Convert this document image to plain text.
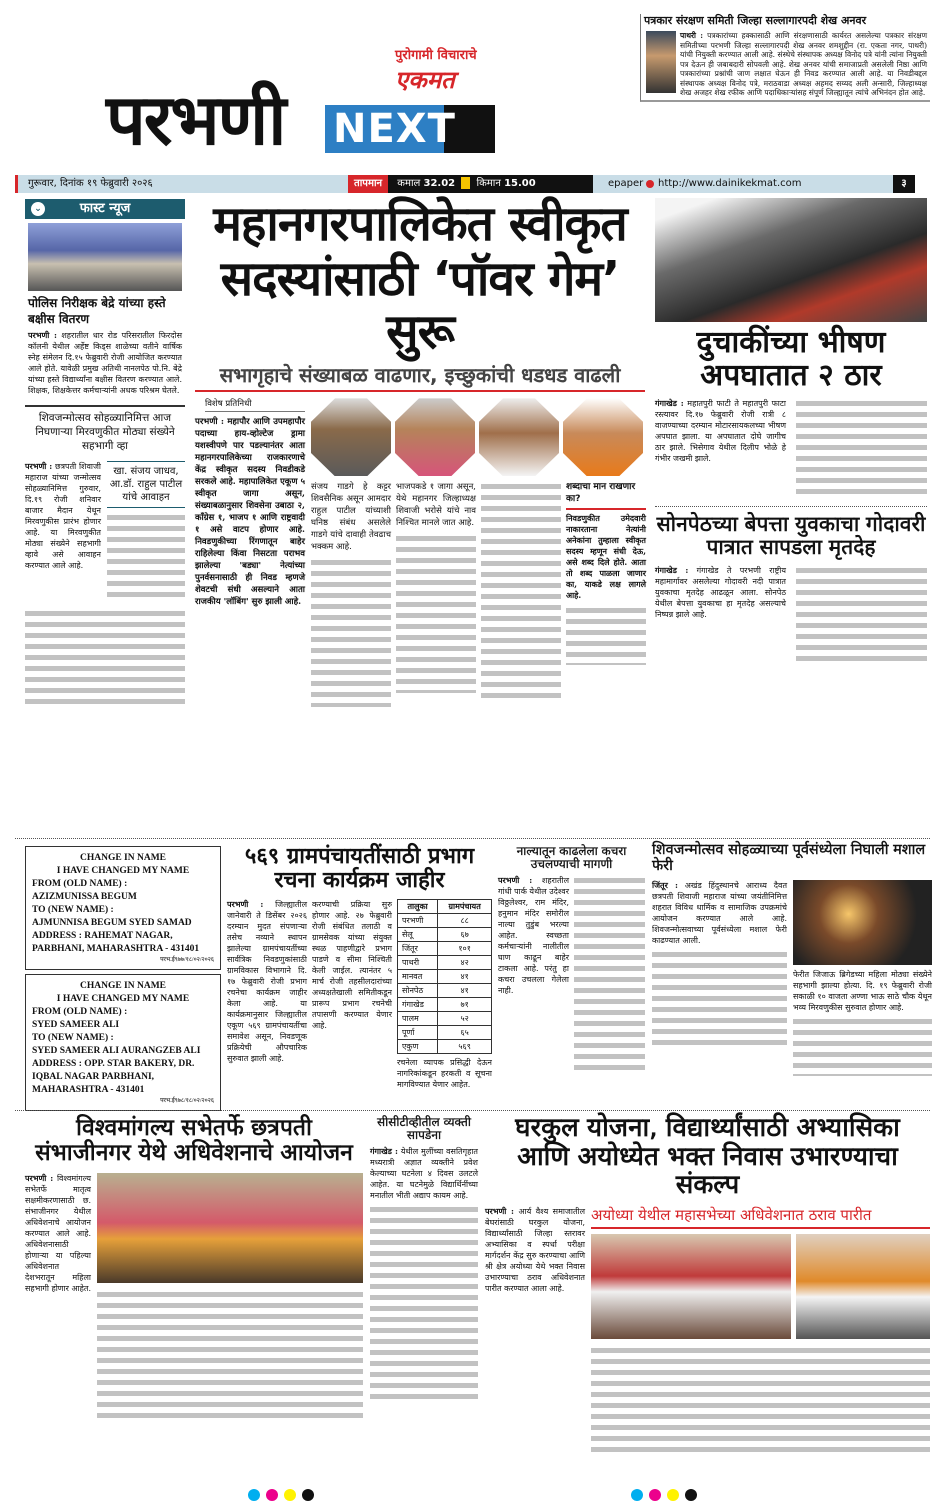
पुरोगामी विचाराचे
एकमत
परभणी NEXT
पत्रकार संरक्षण समिती जिल्हा सल्लागारपदी शेख अनवर
पाथरी : पत्रकारांच्या हक्कासाठी आणि संरक्षणासाठी कार्यरत असलेल्या पत्रकार संरक्षण समितीच्या परभणी जिल्हा सल्लागारपदी शेख अनवर शमशुद्दीन (रा. एकता नगर, पाथरी) यांची नियुक्ती करण्यात आली आहे. संस्थेचे संस्थापक अध्यक्ष विनोद पत्रे यांनी त्यांना नियुक्ती पत्र देऊन ही जबाबदारी सोपवली आहे. शेख अनवर यांची समाजाप्रती असलेली निष्ठा आणि पत्रकारांच्या प्रश्नांची जाण लक्षात घेऊन ही निवड करण्यात आली आहे. या निवडीबद्दल संस्थापक अध्यक्ष विनोद पत्रे, मराठवाडा अध्यक्ष अहमद सय्यद अली अन्सारी, जिल्हाध्यक्ष शेख अजहर शेख रफीक आणि पदाधिकाऱ्यांसह संपूर्ण जिल्ह्यातून त्यांचे अभिनंदन होत आहे.
गुरूवार, दिनांक १९ फेब्रुवारी २०२६	तापमान कमाल 32.02 किमान 15.00	epaper http://www.dainikekmat.com	३
⌄	फास्ट न्यूज
पोलिस निरीक्षक बेद्रे यांच्या हस्ते बक्षीस वितरण
परभणी : शहरातील धार रोड परिसरातील फिरदोस कॉलनी येथील अर्हेष्ट किड्स शाळेच्या वतीने वार्षिक स्नेह संमेलन दि.१५ फेब्रुवारी रोजी आयोजित करण्यात आले होते. यावेळी प्रमुख अतिथी नानलपेठ पो.नि. बेद्रे यांच्या हस्ते विद्यार्थ्यांना बक्षीस वितरण करण्यात आले. शिक्षक, शिक्षकेत्तर कर्मचाऱ्यांनी अधक परिश्रम घेतले.
शिवजन्मोत्सव सोहळ्यानिमित्त आज निघणाऱ्या मिरवणुकीत मोठ्या संख्येने सहभागी व्हा
परभणी : छत्रपती शिवाजी महाराज यांच्या जन्मोत्सव सोहळ्यानिमित्त गुरुवार, दि.१९ रोजी शनिवार बाजार मैदान येथून मिरवणुकीस प्रारंभ होणार आहे. या मिरवणुकीत मोठ्या संख्येने सहभागी व्हावे असे आवाहन करण्यात आले आहे.
खा. संजय जाधव, आ.डॉ. राहुल पाटील यांचे आवाहन
महानगरपालिकेत स्वीकृत
सदस्यांसाठी ‘पॉवर गेम’ सुरू
सभागृहाचे संख्याबळ वाढणार, इच्छुकांची धडधड वाढली
विशेष प्रतिनिधी
परभणी : महापौर आणि उपमहापौर पदाच्या हाय-व्होल्टेज ड्रामा यशस्वीपणे पार पडल्यानंतर आता महानगरपालिकेच्या राजकारणाचे केंद्र स्वीकृत सदस्य निवडीकडे सरकले आहे. महापालिकेत एकूण ५ स्वीकृत जागा असून, संख्याबळानुसार शिवसेना उबाठा २, काँग्रेस १, भाजप १ आणि राष्ट्रवादी १ असे वाटप होणार आहे. निवडणुकीच्या रिंगणातून बाहेर राहिलेल्या किंवा निसटता पराभव झालेल्या 'बड्या' नेत्यांच्या पुनर्वसनासाठी ही निवड म्हणजे शेवटची संधी असल्याने आता राजकीय 'लॉबिंग' सुरु झाली आहे.
संजय गाडगे हे कट्टर शिवसैनिक असून आमदार राहुल पाटील यांच्याशी घनिष्ठ संबंध असलेले गाडगे यांचे दावाही तेवढाच भक्कम आहे.
भाजपकडे १ जागा असून, येथे महानगर जिल्हाध्यक्ष शिवाजी भरोसे यांचे नाव निश्चित मानले जात आहे.
शब्दाचा मान राखणार का?
निवडणुकीत उमेदवारी नाकारताना नेत्यांनी अनेकांना तुम्हाला स्वीकृत सदस्य म्हणून संधी देऊ, असे शब्द दिले होते. आता तो शब्द पाळला जाणार का, याकडे लक्ष लागले आहे.
दुचाकींच्या भीषण अपघातात २ ठार
गंगाखेड : महातपुरी फाटी ते महातपुरी फाटा रस्त्यावर दि.१७ फेब्रुवारी रोजी रात्री ८ वाजण्याच्या दरम्यान मोटारसायकलच्या भीषण अपघात झाला. या अपघातात दोघे जागीच ठार झाले. भिसेगाव येथील दिलीप भोळे हे गंभीर जखमी झाले.
सोनपेठच्या बेपत्ता युवकाचा गोदावरी पात्रात सापडला मृतदेह
गंगाखेड : गंगाखेड ते परभणी राष्ट्रीय महामार्गावर असलेल्या गोदावरी नदी पात्रात युवकाचा मृतदेह आढळून आला. सोनपेठ येथील बेपत्ता युवकाचा हा मृतदेह असल्याचे निष्पन्न झाले आहे.
CHANGE IN NAME
I HAVE CHANGED MY NAME
FROM (OLD NAME) :
AZIZMUNISSA BEGUM
TO (NEW NAME) :
AJMUNNISA BEGUM SYED SAMAD
ADDRESS : RAHEMAT NAGAR, PARBHANI, MAHARASHTRA - 431401
परभ.ई९७७/१८/०२/२०२६
CHANGE IN NAME
I HAVE CHANGED MY NAME
FROM (OLD NAME) :
SYED SAMEER ALI
TO (NEW NAME) :
SYED SAMEER ALI AURANGZEB ALI
ADDRESS : OPP. STAR BAKERY, DR. IQBAL NAGAR PARBHANI, MAHARASHTRA - 431401
परभ.ई९७८/१८/०२/२०२६
५६९ ग्रामपंचायतींसाठी प्रभाग रचना कार्यक्रम जाहीर
परभणी : जिल्ह्यातील जानेवारी ते डिसेंबर २०२६ दरम्यान मुदत संपणाऱ्या तसेच नव्याने स्थापन झालेल्या ग्रामपंचायतींच्या सार्वत्रिक निवडणुकांसाठी ग्रामविकास विभागाने दि. १७ फेब्रुवारी रोजी प्रभाग रचनेचा कार्यक्रम जाहीर केला आहे. या कार्यक्रमानुसार जिल्ह्यातील एकूण ५६९ ग्रामपंचायतींचा समावेश असून, निवडणूक प्रक्रियेची औपचारिक सुरुवात झाली आहे.
करण्याची प्रक्रिया सुरु होणार आहे. २७ फेब्रुवारी रोजी संबंधित तलाठी व ग्रामसेवक यांच्या संयुक्त स्थळ पाहणीद्वारे प्रभाग पाडणे व सीमा निश्चिती केली जाईल. त्यानंतर ५ मार्च रोजी तहसीलदारांच्या अध्यक्षतेखाली समितीकडून प्रारूप प्रभाग रचनेची तपासणी करण्यात येणार आहे.
तालुका	ग्रामपंचायत
परभणी	८८
सेलू	६७
जिंतूर	१०१
पाथरी	४२
मानवत	४१
सोनपेठ	४१
गंगाखेड	७१
पालम	५२
पूर्णा	६५
एकुण	५६९
रचनेला व्यापक प्रसिद्धी देऊन नागरिकांकडून हरकती व सूचना मागविण्यात येणार आहेत.
नाल्यातून काढलेला कचरा उचलण्याची मागणी
परभणी : शहरातील गांधी पार्क येथील उदेश्वर विठ्ठलेश्वर, राम मंदिर, हनुमान मंदिर समोरील नाल्या तुडुंब भरल्या आहेत. स्वच्छता कर्मचाऱ्यांनी नालीतील घाण काढून बाहेर टाकला आहे. परंतु हा कचरा उचलला गेलेला नाही.
शिवजन्मोत्सव सोहळ्याच्या पूर्वसंध्येला निघाली मशाल फेरी
जिंतूर : अखंड हिंदुस्थानचे आराध्य दैवत छत्रपती शिवाजी महाराज यांच्या जयंतीनिमित्त शहरात विविध धार्मिक व सामाजिक उपक्रमांचे आयोजन करण्यात आले आहे. शिवजन्मोत्सवाच्या पूर्वसंध्येला मशाल फेरी काढण्यात आली.
फेरीत जिजाऊ ब्रिगेडच्या महिला मोठ्या संख्येने सहभागी झाल्या होत्या. दि. १९ फेब्रुवारी रोजी सकाळी १० वाजता अण्णा भाऊ साठे चौक येथून भव्य मिरवणुकीस सुरुवात होणार आहे.
विश्वमांगल्य सभेतर्फे छत्रपती संभाजीनगर येथे अधिवेशनाचे आयोजन
परभणी : विश्वमांगल्य सभेतर्फे मातृत्व सक्षमीकरणासाठी छ. संभाजीनगर येथील अधिवेशनाचे आयोजन करण्यात आले आहे. अधिवेशनासाठी होणाऱ्या या पहिल्या अधिवेशनात देशभरातून महिला सहभागी होणार आहेत.
सीसीटीव्हीतील व्यक्ती सापडेना
गंगाखेड : येथील मुलींच्या वसतिगृहात मध्यरात्री अज्ञात व्यक्तीने प्रवेश केल्याच्या घटनेला ४ दिवस उलटले आहेत. या घटनेमुळे विद्यार्थिनींच्या मनातील भीती अद्याप कायम आहे.
घरकुल योजना, विद्यार्थ्यांसाठी अभ्यासिका आणि अयोध्येत भक्त निवास उभारण्याचा संकल्प
परभणी : आर्य वैश्य समाजातील बेघरांसाठी घरकुल योजना, विद्यार्थ्यांसाठी जिल्हा स्तरावर अभ्यासिका व स्पर्धा परीक्षा मार्गदर्शन केंद्र सुरु करण्याचा आणि श्री क्षेत्र अयोध्या येथे भक्त निवास उभारण्याचा ठराव अधिवेशनात पारीत करण्यात आला आहे.
अयोध्या येथील महासभेच्या अधिवेशनात ठराव पारीत
